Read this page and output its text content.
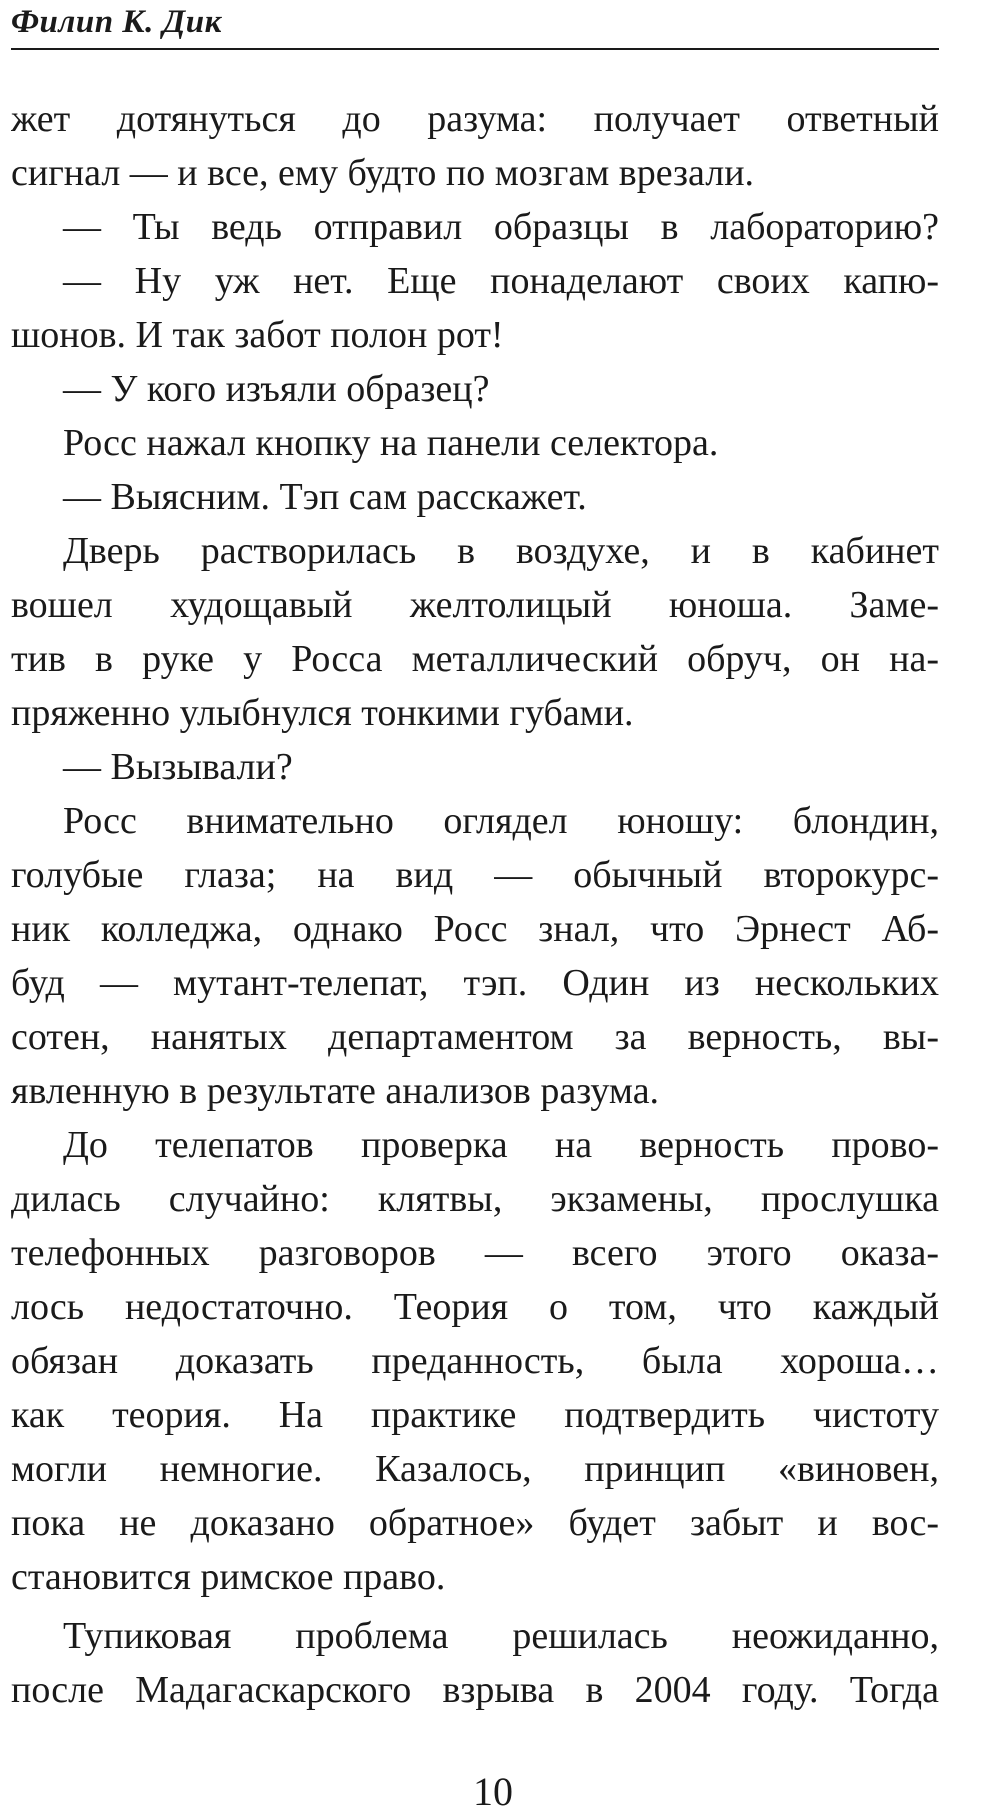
Филип К. Дик
жет дотянуться до разума: получает ответный
сигнал — и все, ему будто по мозгам врезали.
— Ты ведь отправил образцы в лабораторию?
— Ну уж нет. Еще понаделают своих капю-
шонов. И так забот полон рот!
— У кого изъяли образец?
Росс нажал кнопку на панели селектора.
— Выясним. Тэп сам расскажет.
Дверь растворилась в воздухе, и в кабинет
вошел худощавый желтолицый юноша. Заме-
тив в руке у Росса металлический обруч, он на-
пряженно улыбнулся тонкими губами.
— Вызывали?
Росс внимательно оглядел юношу: блондин,
голубые глаза; на вид — обычный второкурс-
ник колледжа, однако Росс знал, что Эрнест Аб-
буд — мутант-телепат, тэп. Один из нескольких
сотен, нанятых департаментом за верность, вы-
явленную в результате анализов разума.
До телепатов проверка на верность прово-
дилась случайно: клятвы, экзамены, прослушка
телефонных разговоров — всего этого оказа-
лось недостаточно. Теория о том, что каждый
обязан доказать преданность, была хороша…
как теория. На практике подтвердить чистоту
могли немногие. Казалось, принцип «виновен,
пока не доказано обратное» будет забыт и вос-
становится римское право.
Тупиковая проблема решилась неожиданно,
после Мадагаскарского взрыва в 2004 году. Тогда
10
